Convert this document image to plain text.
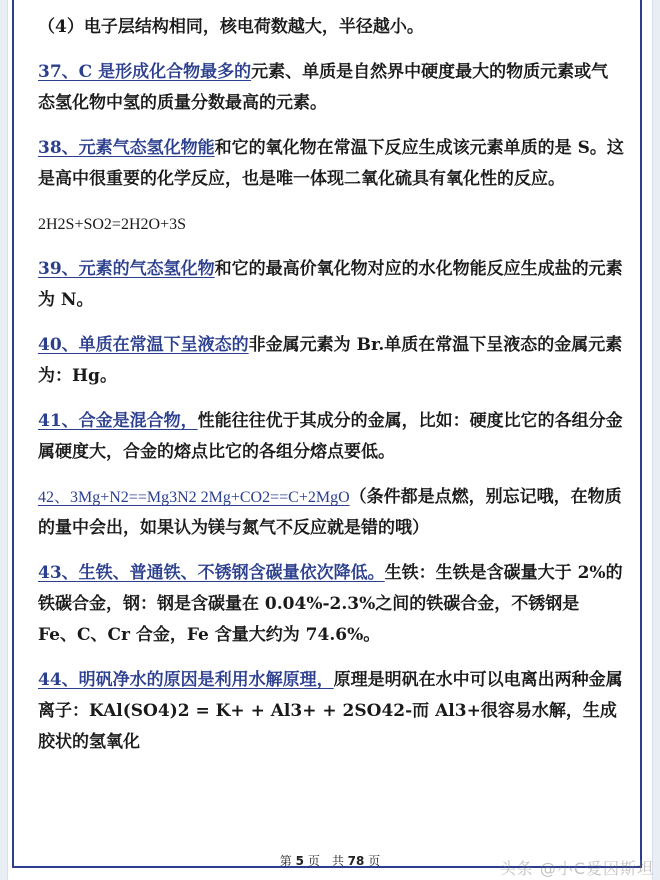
（4）电子层结构相同，核电荷数越大，半径越小。

37、C 是形成化合物最多的元素、单质是自然界中硬度最大的物质元素或气态氢化物中氢的质量分数最高的元素。

38、元素气态氢化物能和它的氧化物在常温下反应生成该元素单质的是 S。这是高中很重要的化学反应，也是唯一体现二氧化硫具有氧化性的反应。

2H2S+SO2=2H2O+3S

39、元素的气态氢化物和它的最高价氧化物对应的水化物能反应生成盐的元素为 N。

40、单质在常温下呈液态的非金属元素为 Br.单质在常温下呈液态的金属元素为：Hg。

41、合金是混合物，性能往往优于其成分的金属，比如：硬度比它的各组分金属硬度大，合金的熔点比它的各组分熔点要低。

42、3Mg+N2==Mg3N2 2Mg+CO2==C+2MgO（条件都是点燃，别忘记哦，在物质的量中会出，如果认为镁与氮气不反应就是错的哦）

43、生铁、普通铁、不锈钢含碳量依次降低。生铁：生铁是含碳量大于 2%的铁碳合金，钢：钢是含碳量在 0.04%-2.3%之间的铁碳合金，不锈钢是 Fe、C、Cr 合金，Fe 含量大约为 74.6%。

44、明矾净水的原因是利用水解原理，原理是明矾在水中可以电离出两种金属离子：KAl(SO4)2 = K+ + Al3+ + 2SO42-而 Al3+很容易水解，生成胶状的氢氧化

第 5 页　共 78 页	头条 @小C爱因斯坦
